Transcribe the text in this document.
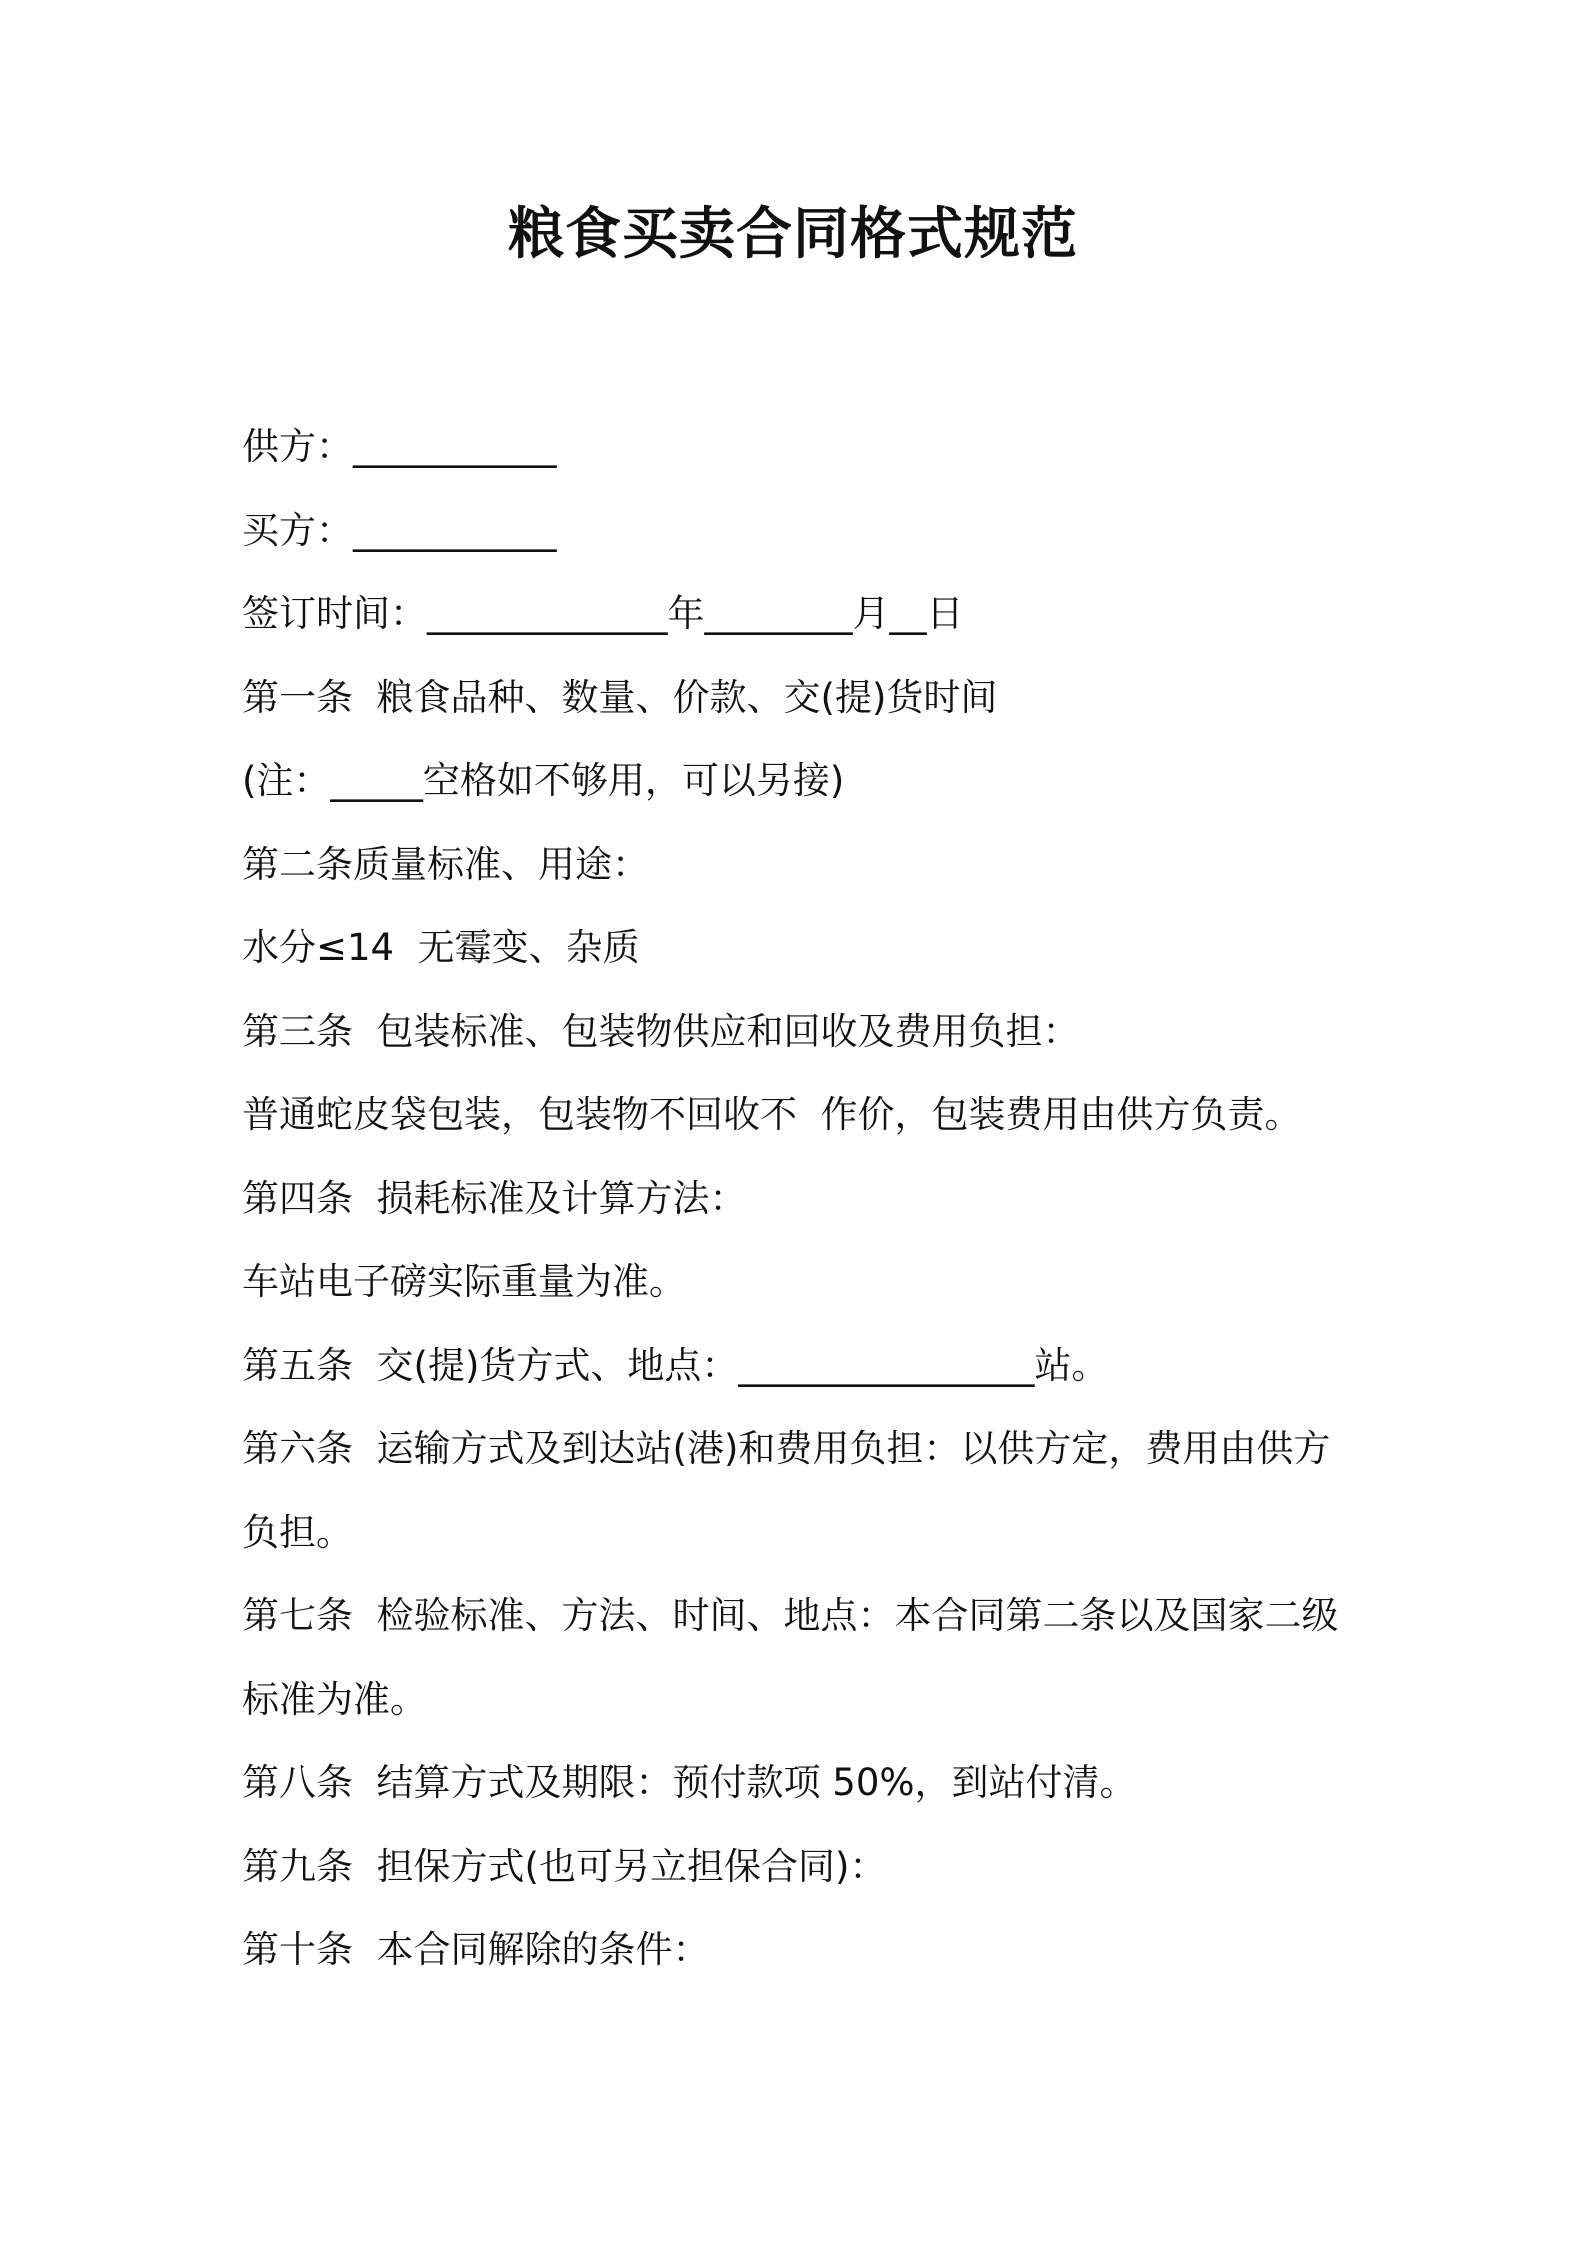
粮食买卖合同格式规范

供方：___________

买方：___________

签订时间：_____________年________月__日

第一条  粮食品种、数量、价款、交(提)货时间

(注：_____空格如不够用，可以另接)

第二条质量标准、用途：

水分≤14  无霉变、杂质

第三条  包装标准、包装物供应和回收及费用负担：

普通蛇皮袋包装，包装物不回收不  作价，包装费用由供方负责。

第四条  损耗标准及计算方法：

车站电子磅实际重量为准。

第五条  交(提)货方式、地点：________________站。

第六条  运输方式及到达站(港)和费用负担：以供方定，费用由供方

负担。

第七条  检验标准、方法、时间、地点：本合同第二条以及国家二级

标准为准。

第八条  结算方式及期限：预付款项 50%，到站付清。

第九条  担保方式(也可另立担保合同)：

第十条  本合同解除的条件：
